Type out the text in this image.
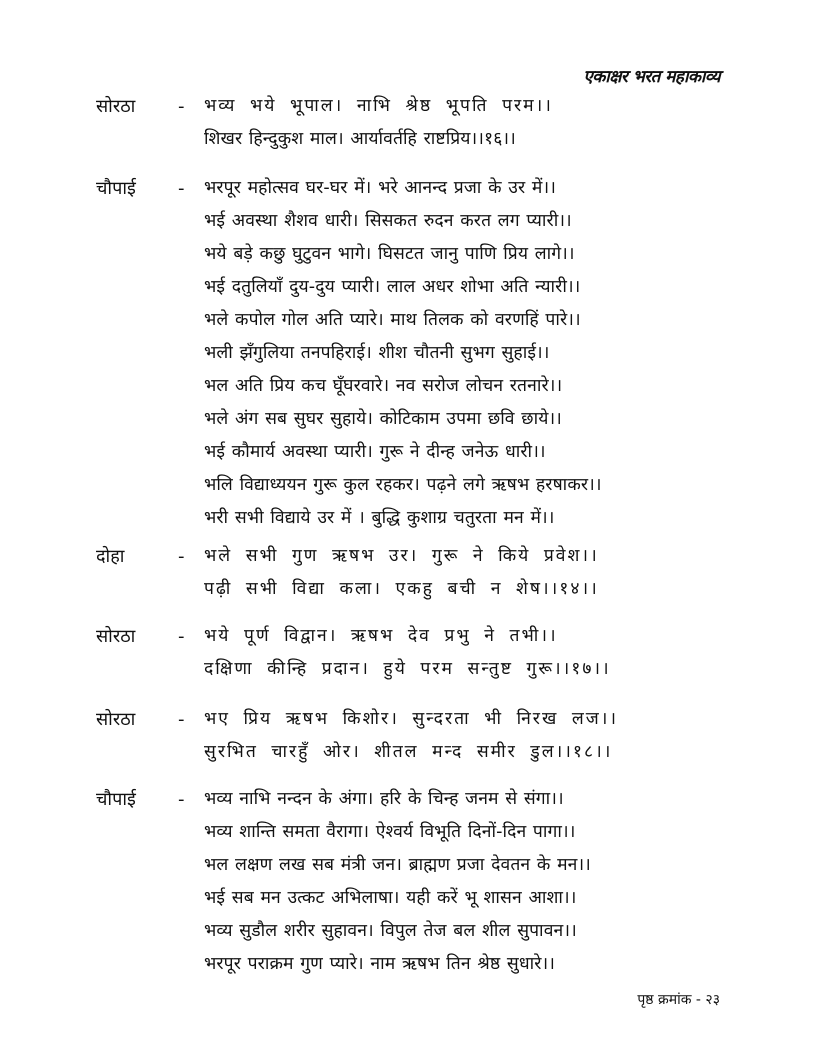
एकाक्षर भरत महाकाव्य
सोरठा - भव्य भये भूपाल। नाभि श्रेष्ठ भूपति परम।।
शिखर हिन्दुकुश माल। आर्यावर्तहि राष्टप्रिय।।१६।।
चौपाई - भरपूर महोत्सव घर-घर में। भरे आनन्द प्रजा के उर में।।
भई अवस्था शैशव धारी। सिसकत रुदन करत लग प्यारी।।
भये बड़े कछु घुटुवन भागे। घिसटत जानु पाणि प्रिय लागे।।
भई दतुलियाँ दुय-दुय प्यारी। लाल अधर शोभा अति न्यारी।।
भले कपोल गोल अति प्यारे। माथ तिलक को वरणहिं पारे।।
भली झँगुलिया तनपहिराई। शीश चौतनी सुभग सुहाई।।
भल अति प्रिय कच घूँघरवारे। नव सरोज लोचन रतनारे।।
भले अंग सब सुघर सुहाये। कोटिकाम उपमा छवि छाये।।
भई कौमार्य अवस्था प्यारी। गुरू ने दीन्ह जनेऊ धारी।।
भलि विद्याध्ययन गुरू कुल रहकर। पढ़ने लगे ऋषभ हरषाकर।।
भरी सभी विद्याये उर में । बुद्धि कुशाग्र चतुरता मन में।।
दोहा	- भले सभी गुण ऋषभ उर। गुरू ने किये प्रवेश।।
पढ़ी सभी विद्या कला। एकहु बची न शेष।।१४।।
सोरठा - भये पूर्ण विद्वान। ऋषभ देव प्रभु ने तभी।।
दक्षिणा कीन्हि प्रदान। हुये परम सन्तुष्ट गुरू।।१७।।
सोरठा - भए प्रिय ऋषभ किशोर। सुन्दरता भी निरख लज।।
सुरभित चारहुँ ओर। शीतल मन्द समीर डुल।।१८।।
चौपाई - भव्य नाभि नन्दन के अंगा। हरि के चिन्ह जनम से संगा।।
भव्य शान्ति समता वैरागा। ऐश्वर्य विभूति दिनों-दिन पागा।।
भल लक्षण लख सब मंत्री जन। ब्राह्मण प्रजा देवतन के मन।।
भई सब मन उत्कट अभिलाषा। यही करें भू शासन आशा।।
भव्य सुडौल शरीर सुहावन। विपुल तेज बल शील सुपावन।।
भरपूर पराक्रम गुण प्यारे। नाम ऋषभ तिन श्रेष्ठ सुधारे।।
पृष्ठ क्रमांक - २३
